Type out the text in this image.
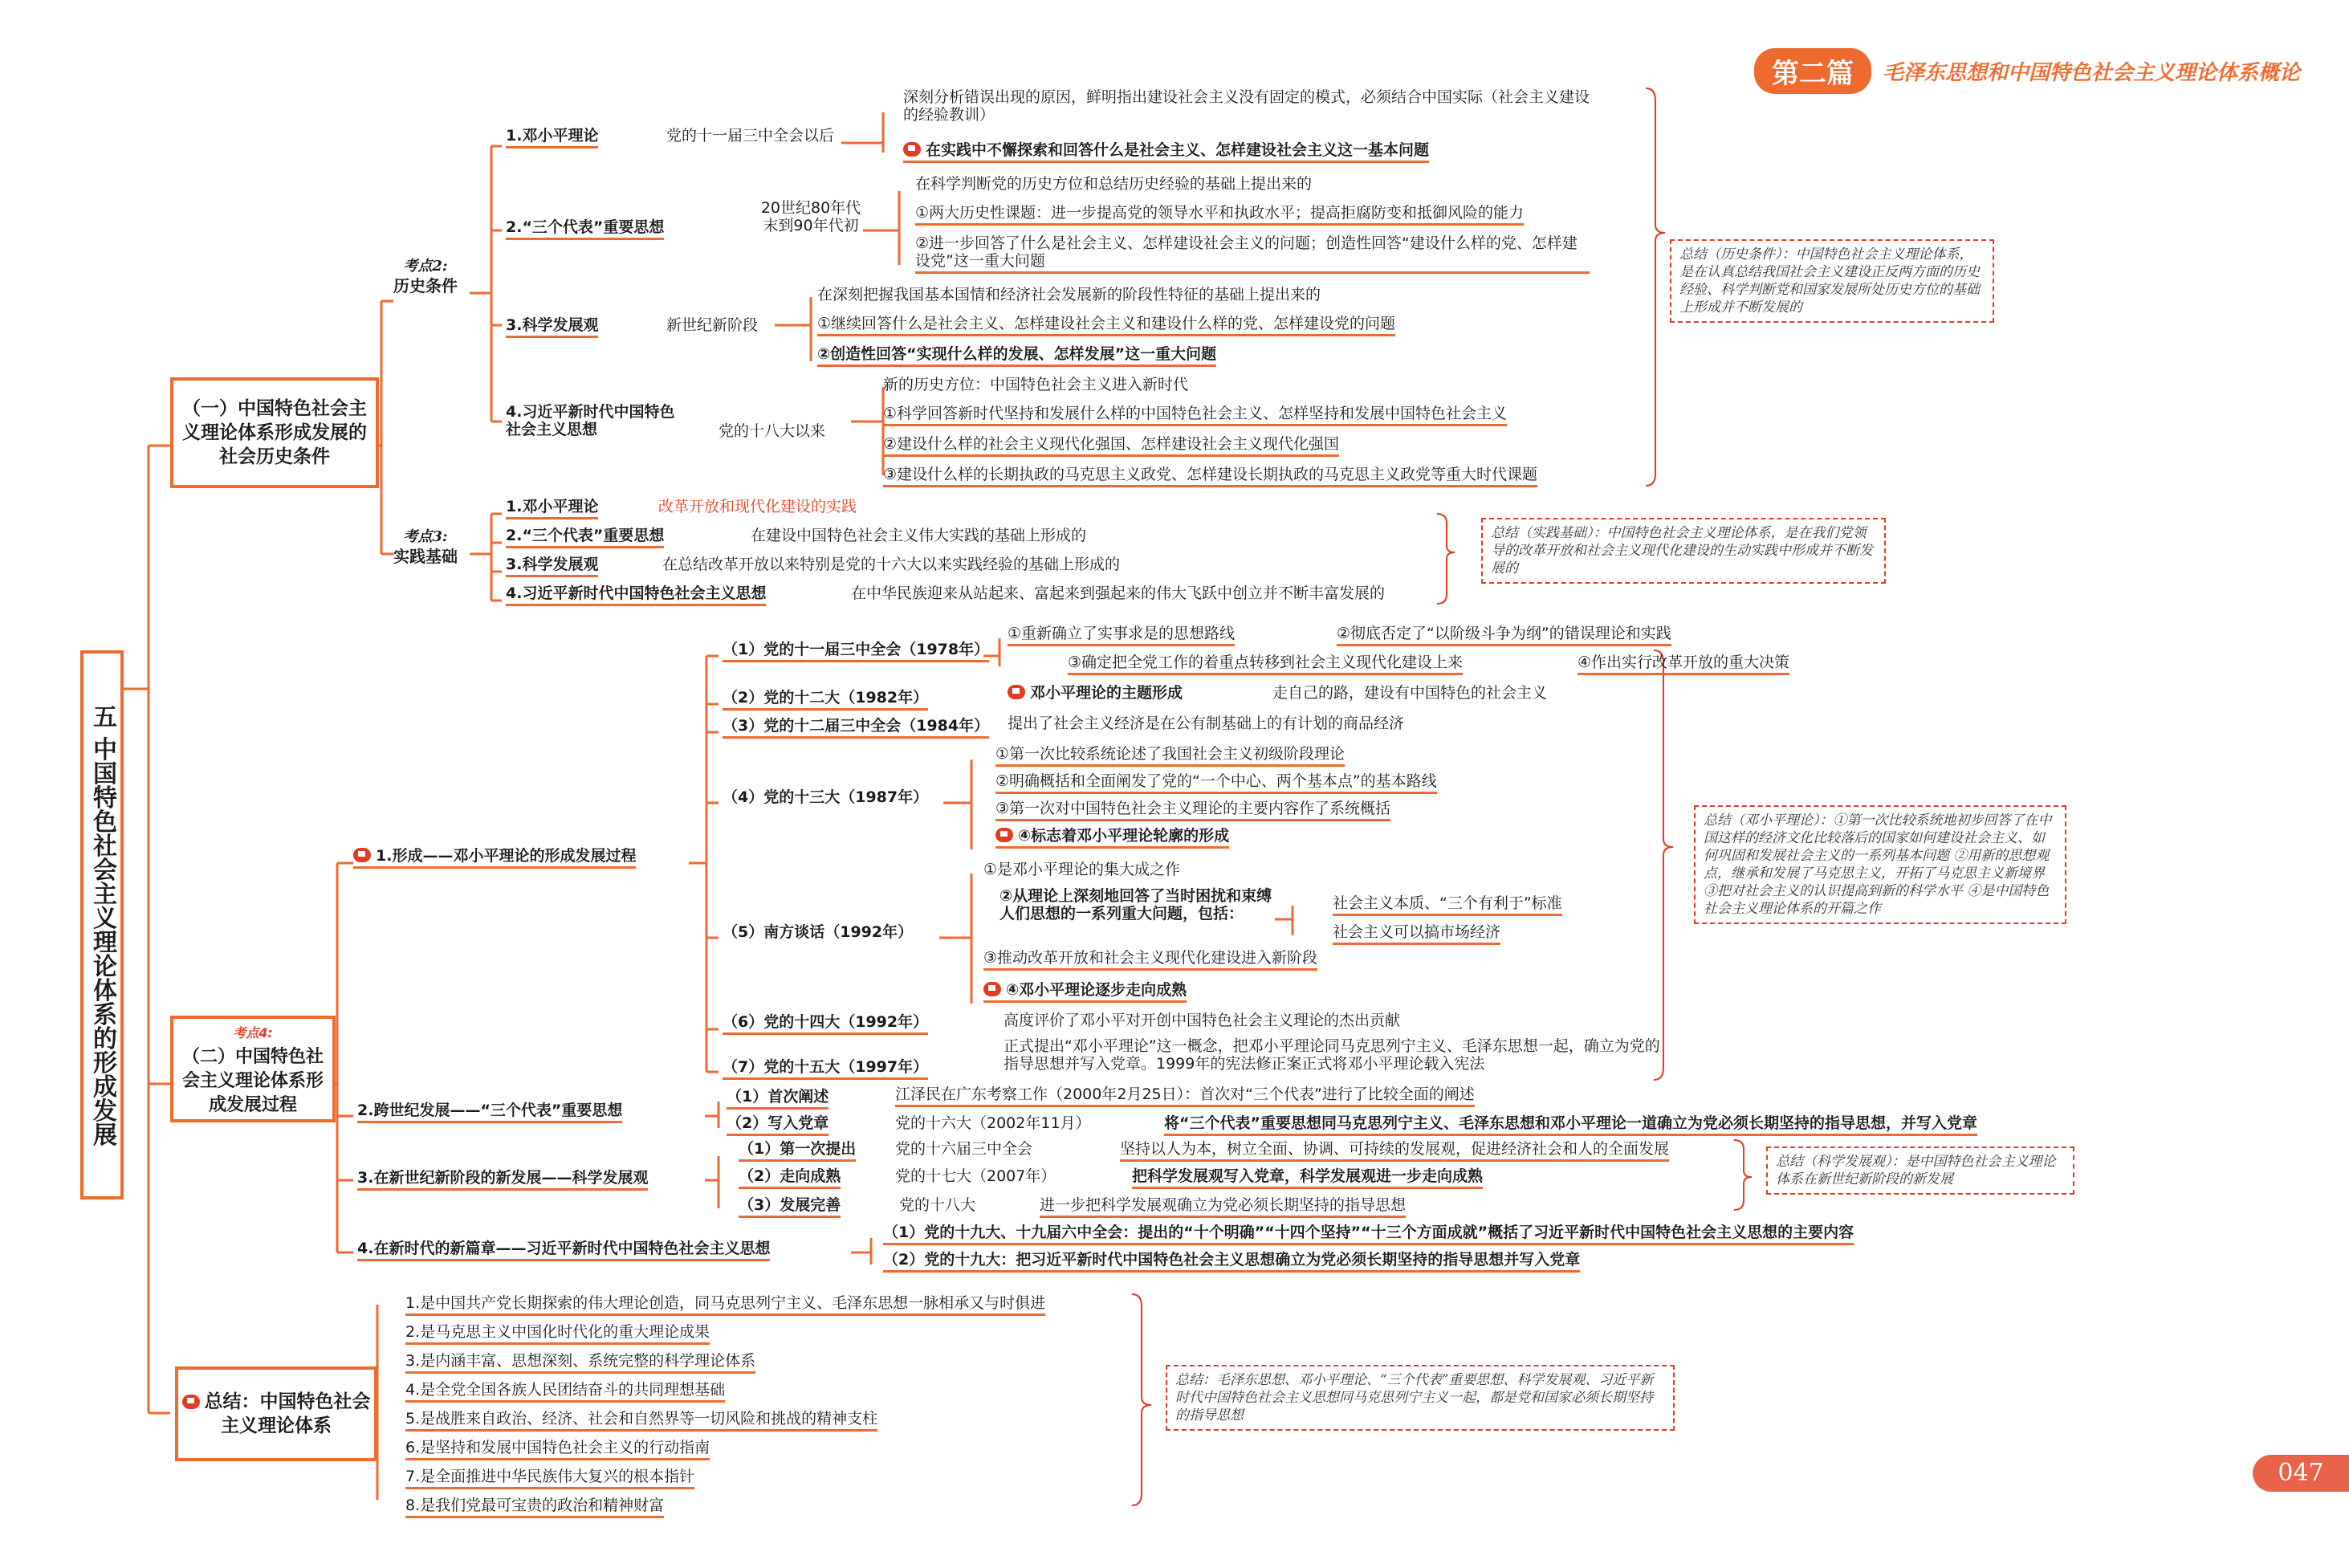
第二篇	毛泽东思想和中国特色社会主义理论体系概论
五 中国特色社会主义理论体系的形成发展
（一）中国特色社会主义理论体系形成发展的社会历史条件
考点2:
历史条件
考点3:
实践基础
1.邓小平理论	党的十一届三中全会以后
深刻分析错误出现的原因，鲜明指出建设社会主义没有固定的模式，必须结合中国实际（社会主义建设的经验教训）
在实践中不懈探索和回答什么是社会主义、怎样建设社会主义这一基本问题
2.“三个代表”重要思想
20世纪80年代末到90年代初
在科学判断党的历史方位和总结历史经验的基础上提出来的
①两大历史性课题：进一步提高党的领导水平和执政水平；提高拒腐防变和抵御风险的能力
②进一步回答了什么是社会主义、怎样建设社会主义的问题；创造性回答“建设什么样的党、怎样建设党”这一重大问题
3.科学发展观	新世纪新阶段
在深刻把握我国基本国情和经济社会发展新的阶段性特征的基础上提出来的
①继续回答什么是社会主义、怎样建设社会主义和建设什么样的党、怎样建设党的问题
②创造性回答“实现什么样的发展、怎样发展”这一重大问题
4.习近平新时代中国特色社会主义思想	党的十八大以来
新的历史方位：中国特色社会主义进入新时代
①科学回答新时代坚持和发展什么样的中国特色社会主义、怎样坚持和发展中国特色社会主义
②建设什么样的社会主义现代化强国、怎样建设社会主义现代化强国
③建设什么样的长期执政的马克思主义政党、怎样建设长期执政的马克思主义政党等重大时代课题
总结（历史条件）：中国特色社会主义理论体系，是在认真总结我国社会主义建设正反两方面的历史经验、科学判断党和国家发展所处历史方位的基础上形成并不断发展的
1.邓小平理论	改革开放和现代化建设的实践
2.“三个代表”重要思想	在建设中国特色社会主义伟大实践的基础上形成的
3.科学发展观	在总结改革开放以来特别是党的十六大以来实践经验的基础上形成的
4.习近平新时代中国特色社会主义思想	在中华民族迎来从站起来、富起来到强起来的伟大飞跃中创立并不断丰富发展的
总结（实践基础）：中国特色社会主义理论体系，是在我们党领导的改革开放和社会主义现代化建设的生动实践中形成并不断发展的
考点4:
（二）中国特色社会主义理论体系形成发展过程
1.形成——邓小平理论的形成发展过程
（1）党的十一届三中全会（1978年）
①重新确立了实事求是的思想路线	②彻底否定了“以阶级斗争为纲”的错误理论和实践
③确定把全党工作的着重点转移到社会主义现代化建设上来	④作出实行改革开放的重大决策
（2）党的十二大（1982年）	邓小平理论的主题形成	走自己的路，建设有中国特色的社会主义
（3）党的十二届三中全会（1984年） 提出了社会主义经济是在公有制基础上的有计划的商品经济
（4）党的十三大（1987年）
①第一次比较系统论述了我国社会主义初级阶段理论
②明确概括和全面阐发了党的“一个中心、两个基本点”的基本路线
③第一次对中国特色社会主义理论的主要内容作了系统概括
④标志着邓小平理论轮廓的形成
（5）南方谈话（1992年）
①是邓小平理论的集大成之作
②从理论上深刻地回答了当时困扰和束缚人们思想的一系列重大问题，包括：
社会主义本质、“三个有利于”标准
社会主义可以搞市场经济
③推动改革开放和社会主义现代化建设进入新阶段
④邓小平理论逐步走向成熟
（6）党的十四大（1992年）	高度评价了邓小平对开创中国特色社会主义理论的杰出贡献
（7）党的十五大（1997年）
正式提出“邓小平理论”这一概念，把邓小平理论同马克思列宁主义、毛泽东思想一起，确立为党的指导思想并写入党章。1999年的宪法修正案正式将邓小平理论载入宪法
总结（邓小平理论）：①第一次比较系统地初步回答了在中国这样的经济文化比较落后的国家如何建设社会主义、如何巩固和发展社会主义的一系列基本问题 ②用新的思想观点，继承和发展了马克思主义，开拓了马克思主义新境界 ③把对社会主义的认识提高到新的科学水平 ④是中国特色社会主义理论体系的开篇之作
2.跨世纪发展——“三个代表”重要思想
（1）首次阐述	江泽民在广东考察工作（2000年2月25日）：首次对“三个代表”进行了比较全面的阐述
（2）写入党章	党的十六大（2002年11月）	将“三个代表”重要思想同马克思列宁主义、毛泽东思想和邓小平理论一道确立为党必须长期坚持的指导思想，并写入党章
3.在新世纪新阶段的新发展——科学发展观
（1）第一次提出	党的十六届三中全会	坚持以人为本，树立全面、协调、可持续的发展观，促进经济社会和人的全面发展
（2）走向成熟	党的十七大（2007年）	把科学发展观写入党章，科学发展观进一步走向成熟
（3）发展完善	党的十八大	进一步把科学发展观确立为党必须长期坚持的指导思想
总结（科学发展观）：是中国特色社会主义理论体系在新世纪新阶段的新发展
4.在新时代的新篇章——习近平新时代中国特色社会主义思想
（1）党的十九大、十九届六中全会：提出的“十个明确”“十四个坚持”“十三个方面成就”概括了习近平新时代中国特色社会主义思想的主要内容
（2）党的十九大：把习近平新时代中国特色社会主义思想确立为党必须长期坚持的指导思想并写入党章
总结：中国特色社会主义理论体系
1.是中国共产党长期探索的伟大理论创造，同马克思列宁主义、毛泽东思想一脉相承又与时俱进
2.是马克思主义中国化时代化的重大理论成果
3.是内涵丰富、思想深刻、系统完整的科学理论体系
4.是全党全国各族人民团结奋斗的共同理想基础
5.是战胜来自政治、经济、社会和自然界等一切风险和挑战的精神支柱
6.是坚持和发展中国特色社会主义的行动指南
7.是全面推进中华民族伟大复兴的根本指针
8.是我们党最可宝贵的政治和精神财富
总结：毛泽东思想、邓小平理论、“三个代表”重要思想、科学发展观、习近平新时代中国特色社会主义思想同马克思列宁主义一起，都是党和国家必须长期坚持的指导思想
047
